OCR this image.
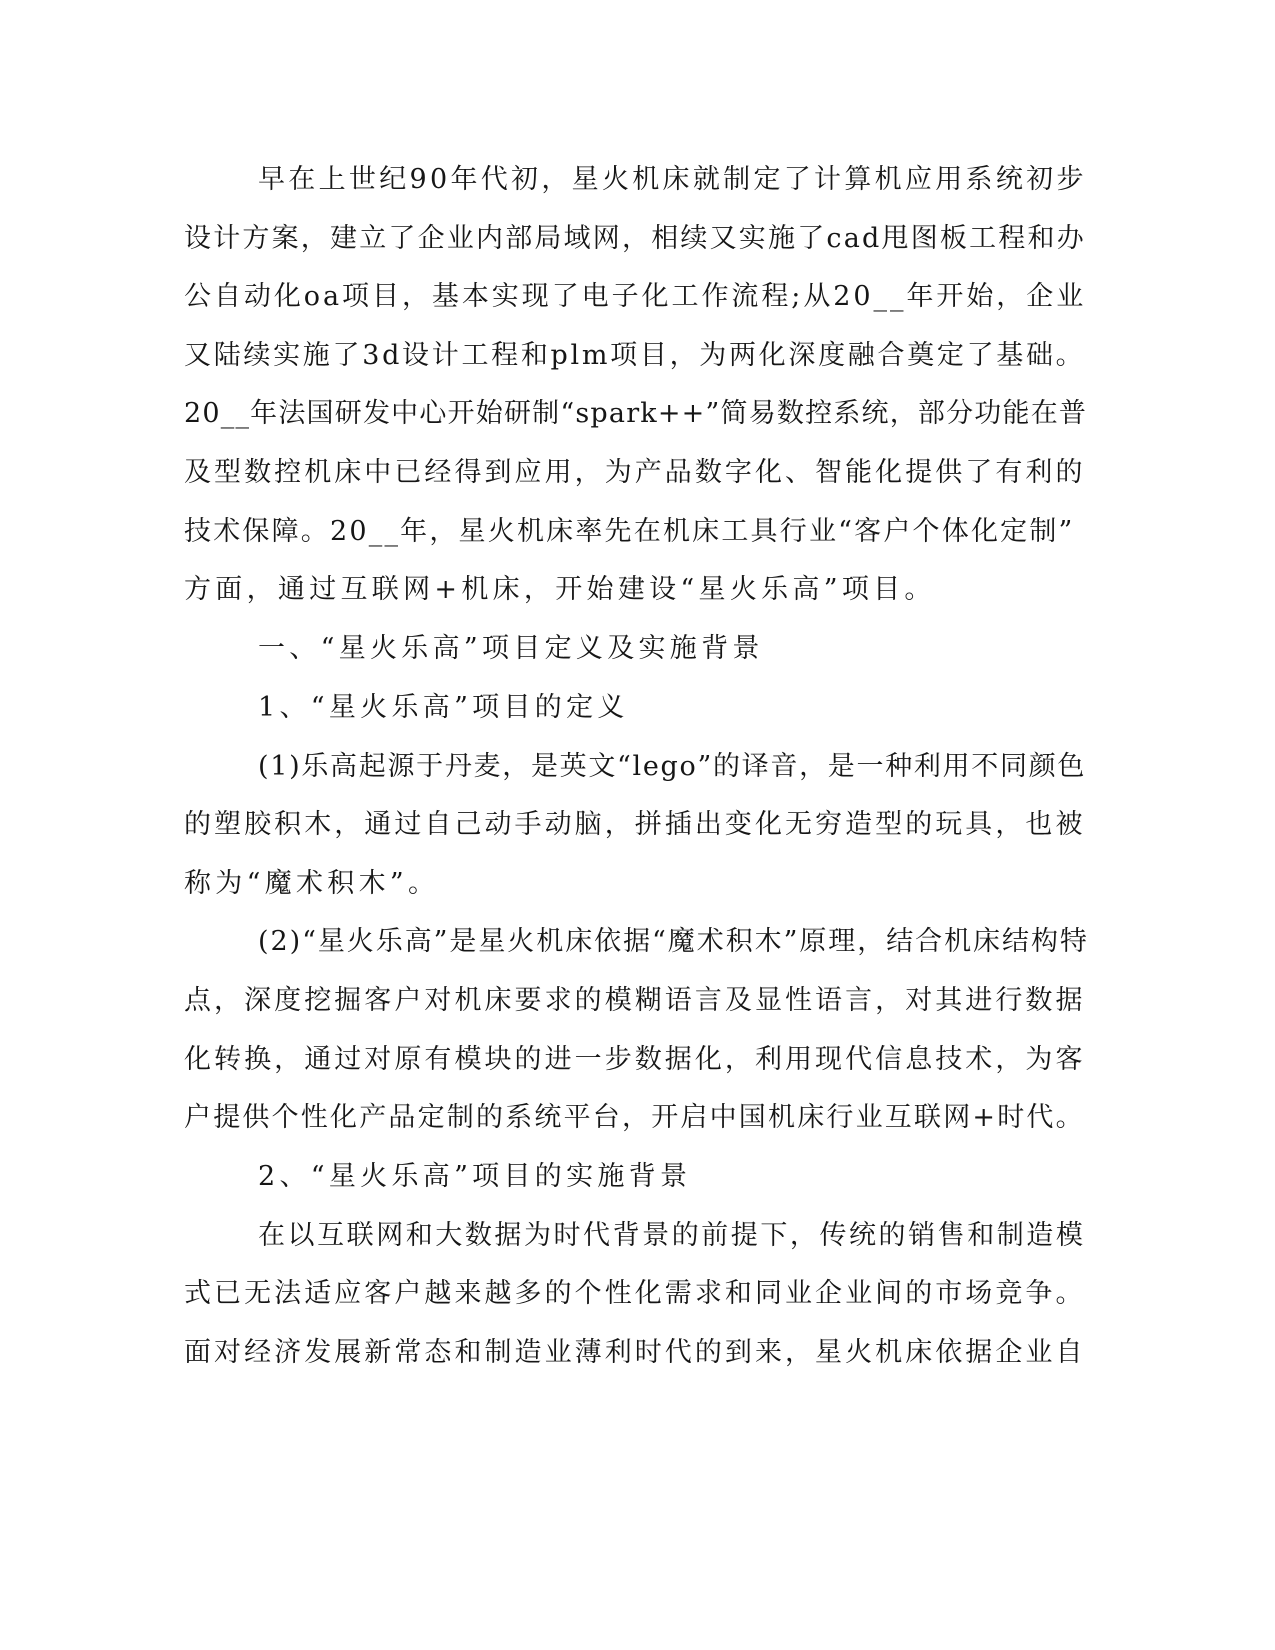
早在上世纪90年代初，星火机床就制定了计算机应用系统初步
设计方案，建立了企业内部局域网，相续又实施了cad甩图板工程和办
公自动化oa项目，基本实现了电子化工作流程;从20__年开始，企业
又陆续实施了3d设计工程和plm项目，为两化深度融合奠定了基础。
20__年法国研发中心开始研制“spark++”简易数控系统，部分功能在普
及型数控机床中已经得到应用，为产品数字化、智能化提供了有利的
技术保障。20__年，星火机床率先在机床工具行业“客户个体化定制”
方面，通过互联网+机床，开始建设“星火乐高”项目。
一、“星火乐高”项目定义及实施背景
1、“星火乐高”项目的定义
(1)乐高起源于丹麦，是英文“lego”的译音，是一种利用不同颜色
的塑胶积木，通过自己动手动脑，拼插出变化无穷造型的玩具，也被
称为“魔术积木”。
(2)“星火乐高”是星火机床依据“魔术积木”原理，结合机床结构特
点，深度挖掘客户对机床要求的模糊语言及显性语言，对其进行数据
化转换，通过对原有模块的进一步数据化，利用现代信息技术，为客
户提供个性化产品定制的系统平台，开启中国机床行业互联网+时代。
2、“星火乐高”项目的实施背景
在以互联网和大数据为时代背景的前提下，传统的销售和制造模
式已无法适应客户越来越多的个性化需求和同业企业间的市场竞争。
面对经济发展新常态和制造业薄利时代的到来，星火机床依据企业自
